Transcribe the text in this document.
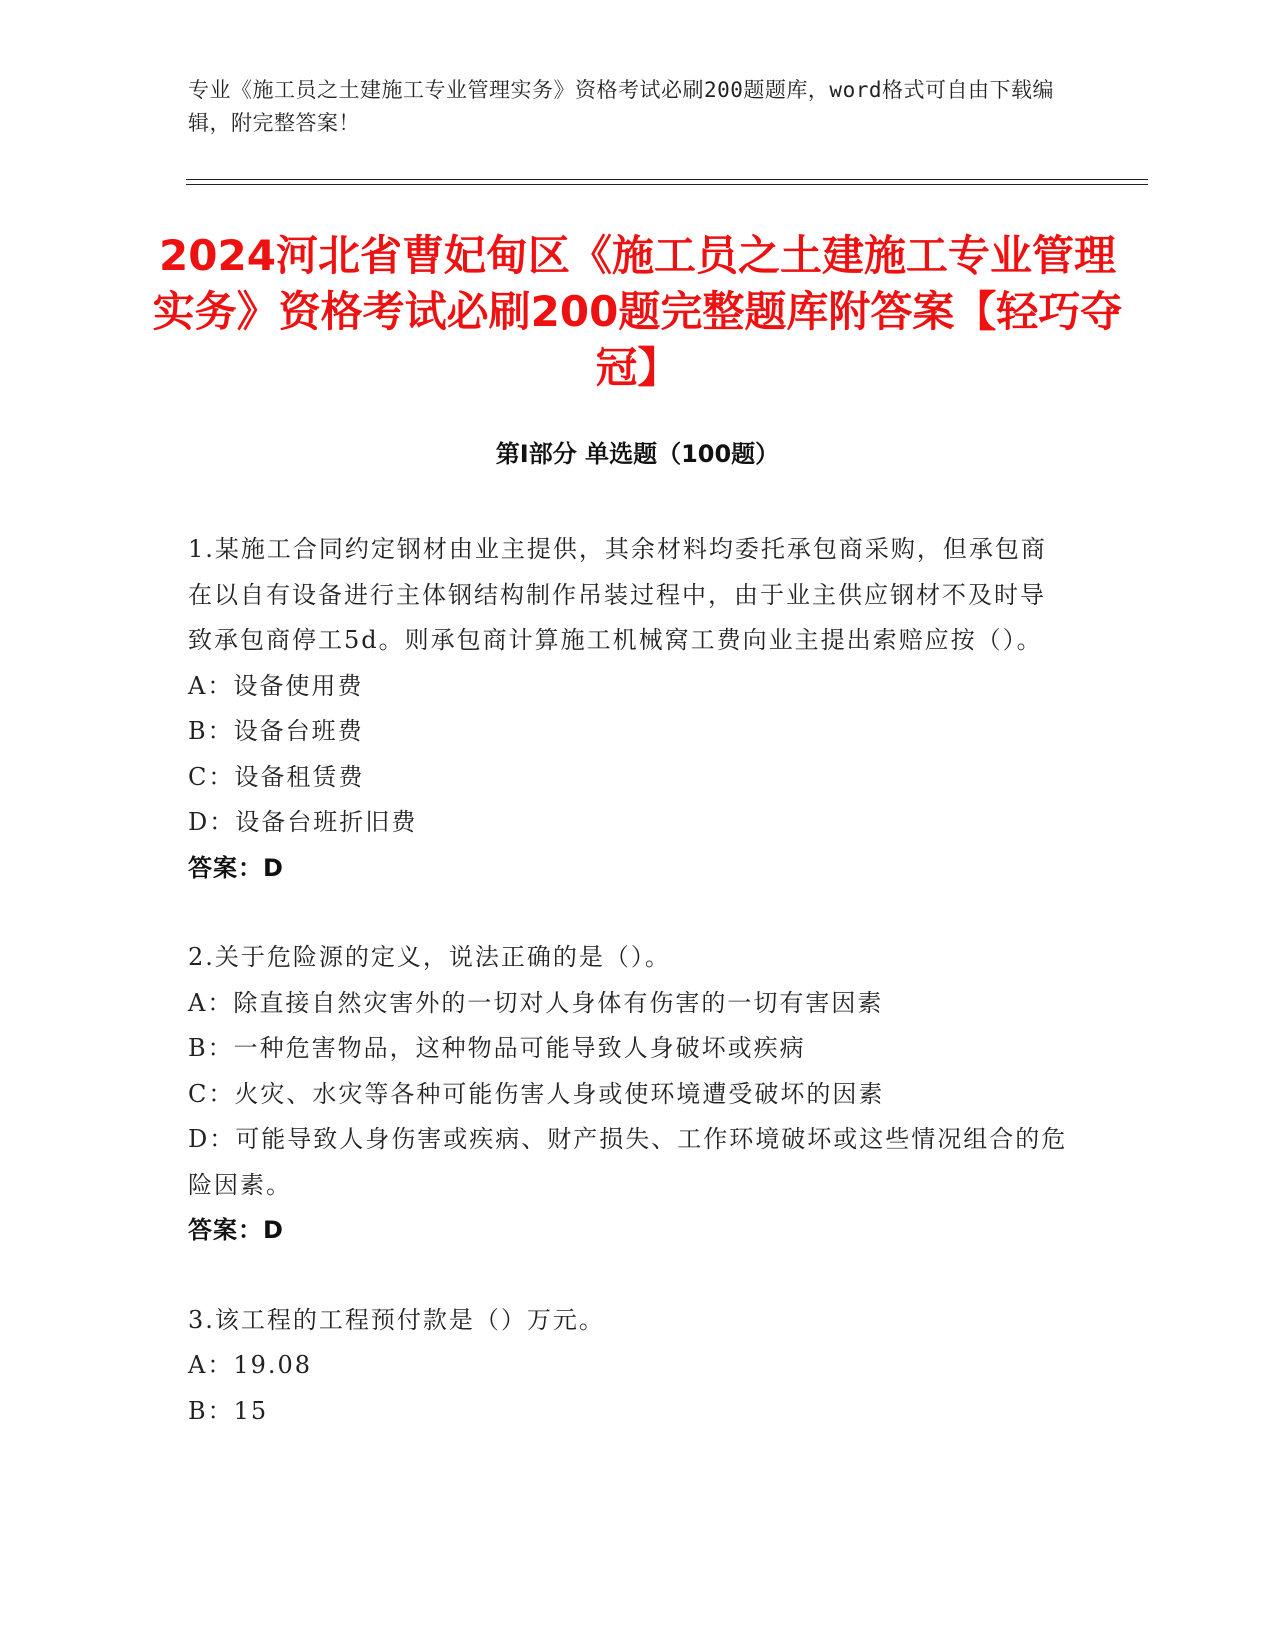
专业《施工员之土建施工专业管理实务》资格考试必刷200题题库，word格式可自由下载编辑，附完整答案！
2024河北省曹妃甸区《施工员之土建施工专业管理实务》资格考试必刷200题完整题库附答案【轻巧夺冠】
第Ⅰ部分 单选题（100题）

1.某施工合同约定钢材由业主提供，其余材料均委托承包商采购，但承包商在以自有设备进行主体钢结构制作吊装过程中，由于业主供应钢材不及时导致承包商停工5d。则承包商计算施工机械窝工费向业主提出索赔应按（）。

A：设备使用费

B：设备台班费

C：设备租赁费

D：设备台班折旧费

答案：D

2.关于危险源的定义，说法正确的是（）。

A：除直接自然灾害外的一切对人身体有伤害的一切有害因素

B：一种危害物品，这种物品可能导致人身破坏或疾病

C：火灾、水灾等各种可能伤害人身或使环境遭受破坏的因素

D：可能导致人身伤害或疾病、财产损失、工作环境破坏或这些情况组合的危险因素。

答案：D

3.该工程的工程预付款是（）万元。

A：19.08

B：15
